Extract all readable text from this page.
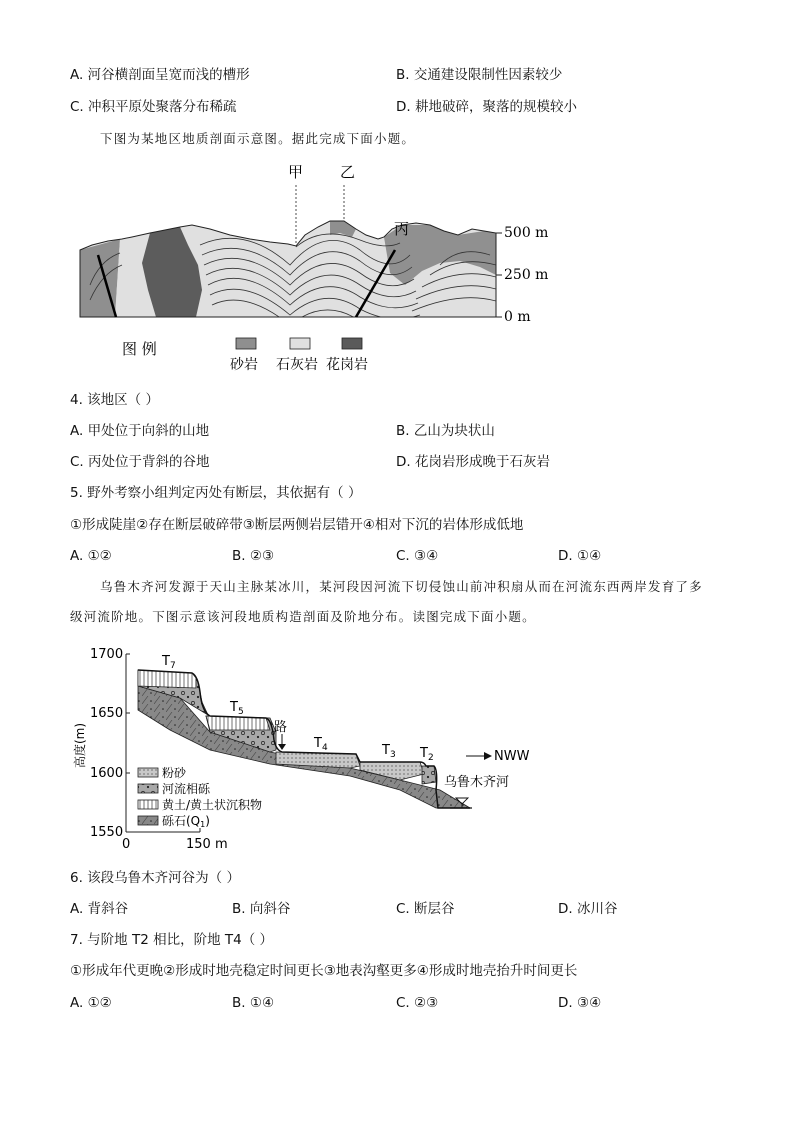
A. 河谷横剖面呈宽而浅的槽形	B. 交通建设限制性因素较少
C. 冲积平原处聚落分布稀疏	D. 耕地破碎，聚落的规模较小
下图为某地区地质剖面示意图。据此完成下面小题。
甲 乙
丙	500 m
250 m
0 m
图 例
砂岩 石灰岩 花岗岩
4. 该地区（ ）
A. 甲处位于向斜的山地	B. 乙山为块状山
C. 丙处位于背斜的谷地	D. 花岗岩形成晚于石灰岩
5. 野外考察小组判定丙处有断层，其依据有（ ）
①形成陡崖②存在断层破碎带③断层两侧岩层错开④相对下沉的岩体形成低地
A. ①②	B. ②③	C. ③④	D. ①④
乌鲁木齐河发源于天山主脉某冰川，某河段因河流下切侵蚀山前冲积扇从而在河流东西两岸发育了多
级河流阶地。下图示意该河段地质构造剖面及阶地分布。读图完成下面小题。
1700
1650
1600
1550
0	150 m
高度(m)
$T_7$
$T_5$
$T_4$	$T_3$ $T_2$
路
NWW
乌鲁木齐河
粉砂
河流相砾
黄土/黄土状沉积物
砾石(Q1)
6. 该段乌鲁木齐河谷为（ ）
A. 背斜谷	B. 向斜谷	C. 断层谷	D. 冰川谷
7. 与阶地 T2 相比，阶地 T4（ ）
①形成年代更晚②形成时地壳稳定时间更长③地表沟壑更多④形成时地壳抬升时间更长
A. ①②	B. ①④	C. ②③	D. ③④
